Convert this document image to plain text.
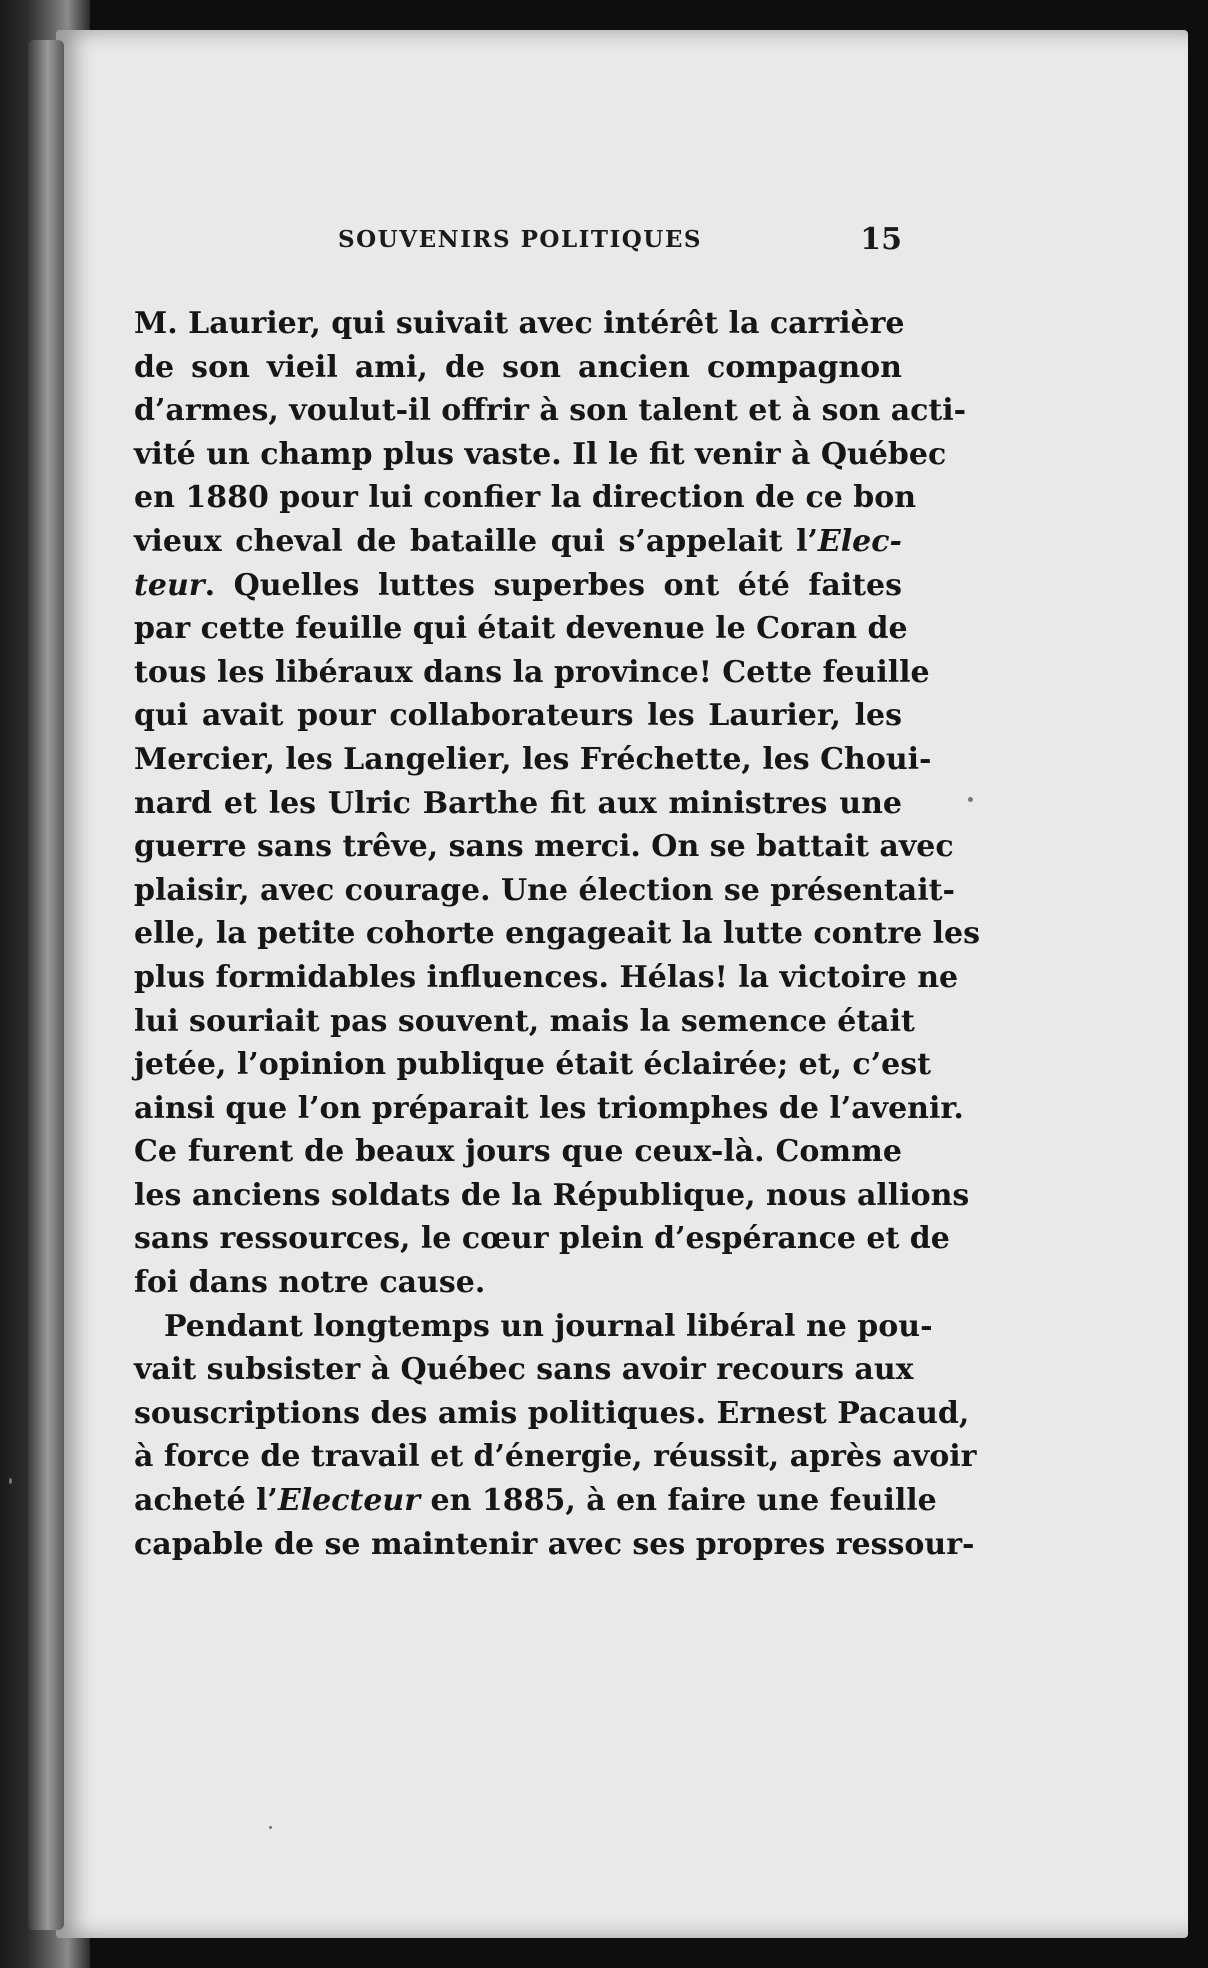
SOUVENIRS POLITIQUES	15
M. Laurier, qui suivait avec intérêt la carrière
de son vieil ami, de son ancien compagnon
d’armes, voulut-il offrir à son talent et à son acti-
vité un champ plus vaste. Il le fit venir à Québec
en 1880 pour lui confier la direction de ce bon
vieux cheval de bataille qui s’appelait l’Elec-
teur. Quelles luttes superbes ont été faites
par cette feuille qui était devenue le Coran de
tous les libéraux dans la province! Cette feuille
qui avait pour collaborateurs les Laurier, les
Mercier, les Langelier, les Fréchette, les Choui-
nard et les Ulric Barthe fit aux ministres une
guerre sans trêve, sans merci. On se battait avec
plaisir, avec courage. Une élection se présentait-
elle, la petite cohorte engageait la lutte contre les
plus formidables influences. Hélas! la victoire ne
lui souriait pas souvent, mais la semence était
jetée, l’opinion publique était éclairée; et, c’est
ainsi que l’on préparait les triomphes de l’avenir.
Ce furent de beaux jours que ceux-là. Comme
les anciens soldats de la République, nous allions
sans ressources, le cœur plein d’espérance et de
foi dans notre cause.
Pendant longtemps un journal libéral ne pou-
vait subsister à Québec sans avoir recours aux
souscriptions des amis politiques. Ernest Pacaud,
à force de travail et d’énergie, réussit, après avoir
acheté l’Electeur en 1885, à en faire une feuille
capable de se maintenir avec ses propres ressour-
